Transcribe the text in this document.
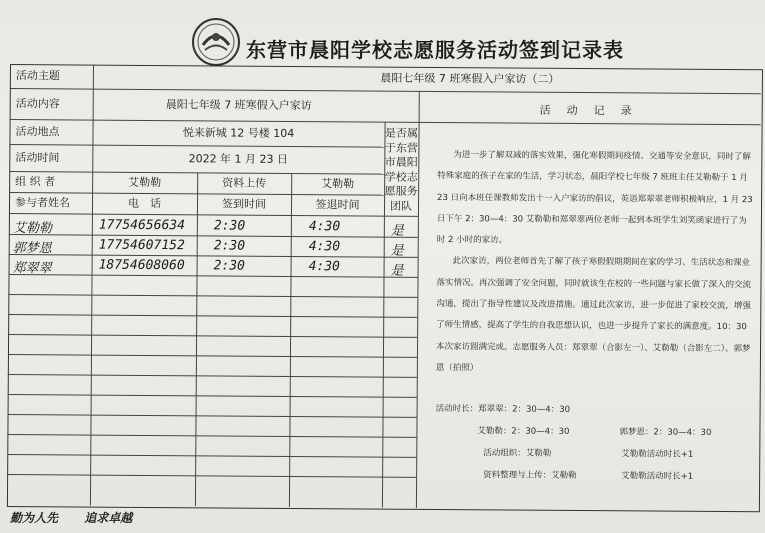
东营市晨阳学校志愿服务活动签到记录表
活动主题	晨阳七年级 7 班寒假入户家访（二）
活动内容	晨阳七年级 7 班寒假入户家访	活动记录
活动地点	悦来新城 12 号楼 104	是否属于东营市晨阳学校志愿服务团队
活动时间	2022 年 1 月 23 日
组 织 者	艾勒勒	资料上传	艾勒勒
参与者姓名	电　话	签到时间	签退时间
艾勒勒	17754656634 2:30	4:30	是
郭梦恩	17754607152 2:30	4:30	是
郑翠翠	18754608060 2:30	4:30	是

为进一步了解双减的落实效果，强化寒假期间疫情、交通等安全意识，同时了解特殊家庭的孩子在家的生活，学习状态，晨阳学校七年级 7 班班主任艾勒勒于 1 月 23 日向本班任课教师发出十一入户家访的倡议，英语郑翠翠老师积极响应，1 月 23 日下午 2：30—4：30 艾勒勒和郑翠翠两位老师一起到本班学生刘笑函家进行了为时 2 小时的家访。

此次家访，两位老师首先了解了孩子寒假假期期间在家的学习、生活状态和课业落实情况。再次强调了安全问题，同时就该生在校的一些问题与家长做了深入的交流沟通，提出了指导性建议及改进措施。通过此次家访，进一步促进了家校交流，增强了师生情感，提高了学生的自我思想认识，也进一步提升了家长的满意度。10：30 本次家访圆满完成。志愿服务人员：郑翠翠（合影左一）、艾勒勒（合影左二）、郭梦恩（拍照）

活动时长：郑翠翠：2：30—4：30
艾勒勒：2：30—4：30	郭梦恩：2：30—4：30
活动组织：艾勒勒	艾勒勒活动时长+1
资料整理与上传：艾勒勒	艾勒勒活动时长+1
勤为人先 追求卓越
